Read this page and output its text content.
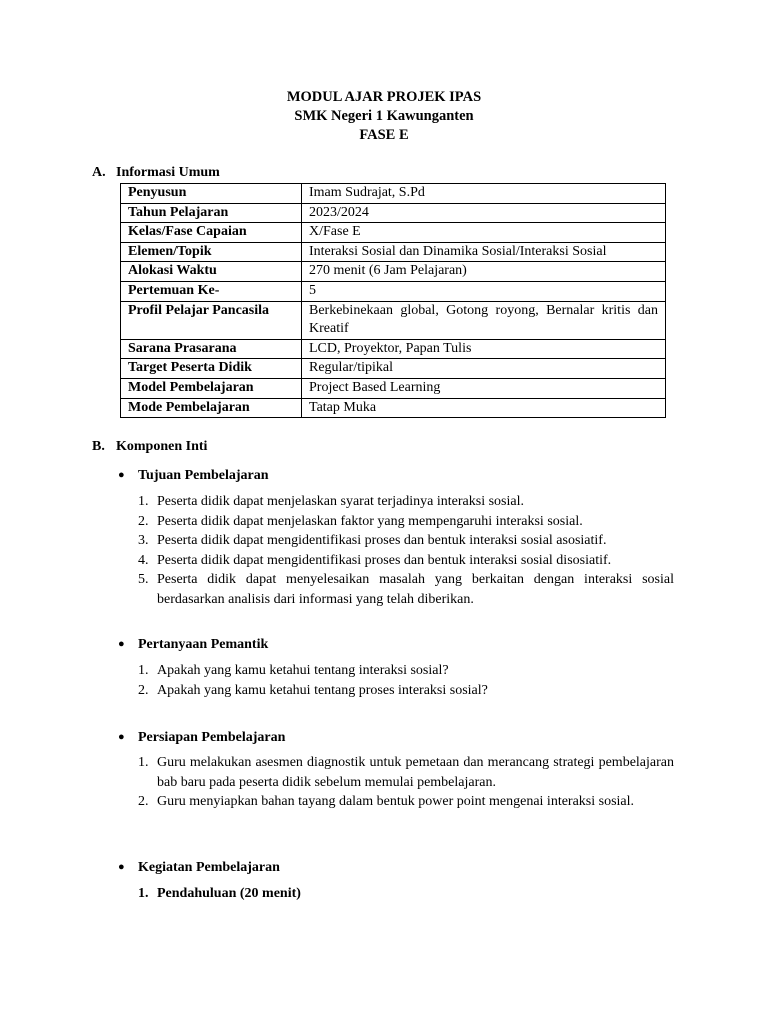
MODUL AJAR PROJEK IPAS
SMK Negeri 1 Kawunganten
FASE E
A. Informasi Umum
Penyusun	Imam Sudrajat, S.Pd
Tahun Pelajaran	2023/2024
Kelas/Fase Capaian	X/Fase E
Elemen/Topik	Interaksi Sosial dan Dinamika Sosial/Interaksi Sosial
Alokasi Waktu	270 menit (6 Jam Pelajaran)
Pertemuan Ke-	5
Profil Pelajar Pancasila	Berkebinekaan global, Gotong royong, Bernalar kritis dan Kreatif
Sarana Prasarana	LCD, Proyektor, Papan Tulis
Target Peserta Didik	Regular/tipikal
Model Pembelajaran	Project Based Learning
Mode Pembelajaran	Tatap Muka
B. Komponen Inti
● Tujuan Pembelajaran
1. Peserta didik dapat menjelaskan syarat terjadinya interaksi sosial.
2. Peserta didik dapat menjelaskan faktor yang mempengaruhi interaksi sosial.
3. Peserta didik dapat mengidentifikasi proses dan bentuk interaksi sosial asosiatif.
4. Peserta didik dapat mengidentifikasi proses dan bentuk interaksi sosial disosiatif.
5. Peserta didik dapat menyelesaikan masalah yang berkaitan dengan interaksi sosial berdasarkan analisis dari informasi yang telah diberikan.
● Pertanyaan Pemantik
1. Apakah yang kamu ketahui tentang interaksi sosial?
2. Apakah yang kamu ketahui tentang proses interaksi sosial?
● Persiapan Pembelajaran
1. Guru melakukan asesmen diagnostik untuk pemetaan dan merancang strategi pembelajaran bab baru pada peserta didik sebelum memulai pembelajaran.
2. Guru menyiapkan bahan tayang dalam bentuk power point mengenai interaksi sosial.
● Kegiatan Pembelajaran
1. Pendahuluan (20 menit)
